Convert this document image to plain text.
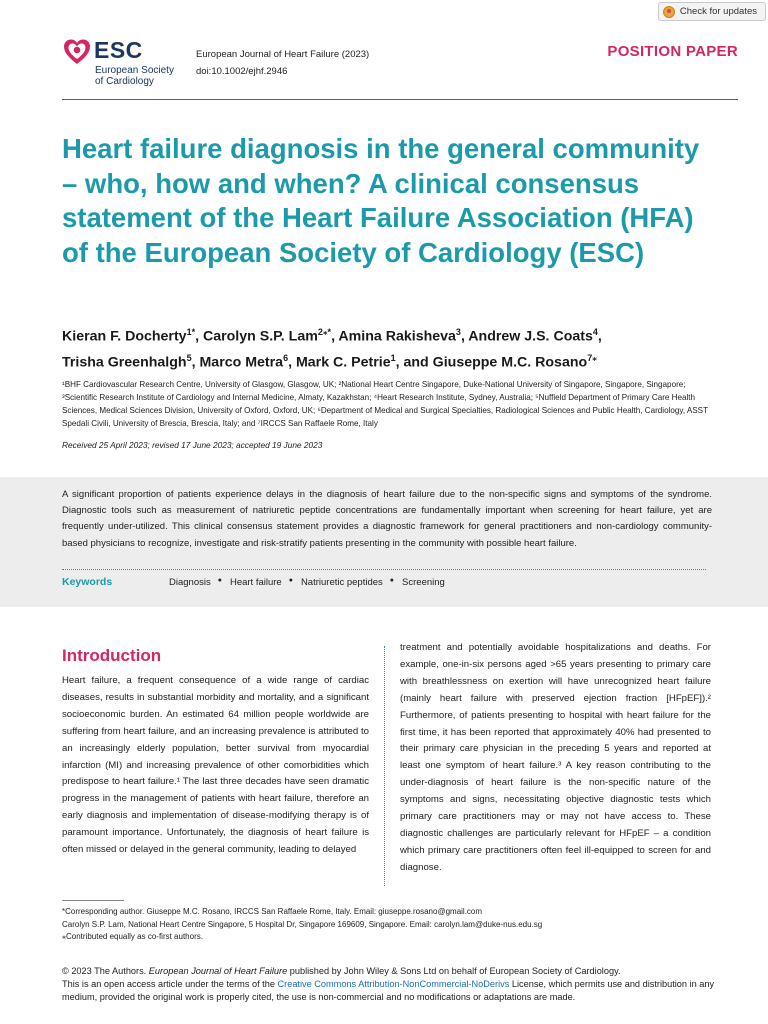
Check for updates
ESC
European Society
of Cardiology
European Journal of Heart Failure (2023)
doi:10.1002/ejhf.2946
POSITION PAPER
Heart failure diagnosis in the general community – who, how and when? A clinical consensus statement of the Heart Failure Association (HFA) of the European Society of Cardiology (ESC)
Kieran F. Docherty$^{1*}$, Carolyn S.P. Lam$^{2⁎*}$, Amina Rakisheva$^3$, Andrew J.S. Coats$^4$,
Trisha Greenhalgh$^5$, Marco Metra$^6$, Mark C. Petrie$^1$, and Giuseppe M.C. Rosano$^{7⁎}$
¹BHF Cardiovascular Research Centre, University of Glasgow, Glasgow, UK; ²National Heart Centre Singapore, Duke-National University of Singapore, Singapore, Singapore; ³Scientific Research Institute of Cardiology and Internal Medicine, Almaty, Kazakhstan; ⁴Heart Research Institute, Sydney, Australia; ⁵Nuffield Department of Primary Care Health Sciences, Medical Sciences Division, University of Oxford, Oxford, UK; ⁶Department of Medical and Surgical Specialties, Radiological Sciences and Public Health, Cardiology, ASST Spedali Civili, University of Brescia, Brescia, Italy; and ⁷IRCCS San Raffaele Rome, Italy
Received 25 April 2023; revised 17 June 2023; accepted 19 June 2023

A significant proportion of patients experience delays in the diagnosis of heart failure due to the non-specific signs and symptoms of the syndrome. Diagnostic tools such as measurement of natriuretic peptide concentrations are fundamentally important when screening for heart failure, yet are frequently under-utilized. This clinical consensus statement provides a diagnostic framework for general practitioners and non-cardiology community-based physicians to recognize, investigate and risk-stratify patients presenting in the community with possible heart failure.

Keywords	Diagnosis ● Heart failure ● Natriuretic peptides ● Screening
Introduction

Heart failure, a frequent consequence of a wide range of cardiac diseases, results in substantial morbidity and mortality, and a significant socioeconomic burden. An estimated 64 million people worldwide are suffering from heart failure, and an increasing prevalence is attributed to an increasingly elderly population, better survival from myocardial infarction (MI) and increasing prevalence of other comorbidities which predispose to heart failure.¹ The last three decades have seen dramatic progress in the management of patients with heart failure, therefore an early diagnosis and implementation of disease-modifying therapy is of paramount importance. Unfortunately, the diagnosis of heart failure is often missed or delayed in the general community, leading to delayed

treatment and potentially avoidable hospitalizations and deaths. For example, one-in-six persons aged >65 years presenting to primary care with breathlessness on exertion will have unrecognized heart failure (mainly heart failure with preserved ejection fraction [HFpEF]).² Furthermore, of patients presenting to hospital with heart failure for the first time, it has been reported that approximately 40% had presented to their primary care physician in the preceding 5 years and reported at least one symptom of heart failure.³ A key reason contributing to the under-diagnosis of heart failure is the non-specific nature of the symptoms and signs, necessitating objective diagnostic tests which primary care practitioners may or may not have access to. These diagnostic challenges are particularly relevant for HFpEF – a condition which primary care practitioners often feel ill-equipped to screen for and diagnose.

*Corresponding author. Giuseppe M.C. Rosano, IRCCS San Raffaele Rome, Italy. Email: giuseppe.rosano@gmail.com
Carolyn S.P. Lam, National Heart Centre Singapore, 5 Hospital Dr, Singapore 169609, Singapore. Email: carolyn.lam@duke-nus.edu.sg
⁎Contributed equally as co-first authors.
© 2023 The Authors. European Journal of Heart Failure published by John Wiley & Sons Ltd on behalf of European Society of Cardiology.
This is an open access article under the terms of the Creative Commons Attribution-NonCommercial-NoDerivs License, which permits use and distribution in any medium, provided the original work is properly cited, the use is non-commercial and no modifications or adaptations are made.
